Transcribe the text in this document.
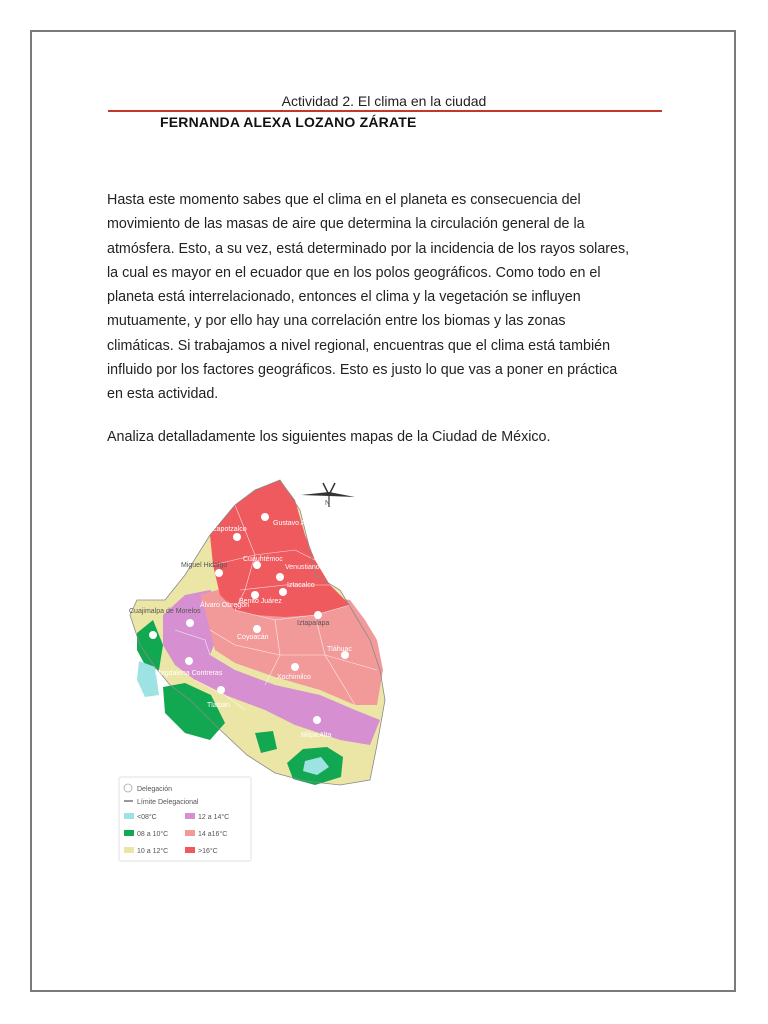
Actividad 2. El clima en la ciudad
FERNANDA ALEXA LOZANO ZÁRATE

Hasta este momento sabes que el clima en el planeta es consecuencia del
movimiento de las masas de aire que determina la circulación general de la
atmósfera. Esto, a su vez, está determinado por la incidencia de los rayos solares,
la cual es mayor en el ecuador que en los polos geográficos. Como todo en el
planeta está interrelacionado, entonces el clima y la vegetación se influyen
mutuamente, y por ello hay una correlación entre los biomas y las zonas
climáticas. Si trabajamos a nivel regional, encuentras que el clima está también
influido por los factores geográficos. Esto es justo lo que vas a poner en práctica
en esta actividad.

Analiza detalladamente los siguientes mapas de la Ciudad de México.
N
Azcapotzalco
Gustavo A. Madero
Cuauhtémoc
Venustiano Carranza
Miguel Hidalgo
Benito Juárez
Iztacalco
Cuajimalpa de Morelos
Álvaro Obregón
Iztapalapa
Coyoacán
Tláhuac
Xochimilco
Magdalena Contreras
Tlalpan
Milpa Alta
Delegación
Límite Delegacional
<08°C	12 a 14°C
08 a 10°C	14 a16°C
10 a 12°C	>16°C
